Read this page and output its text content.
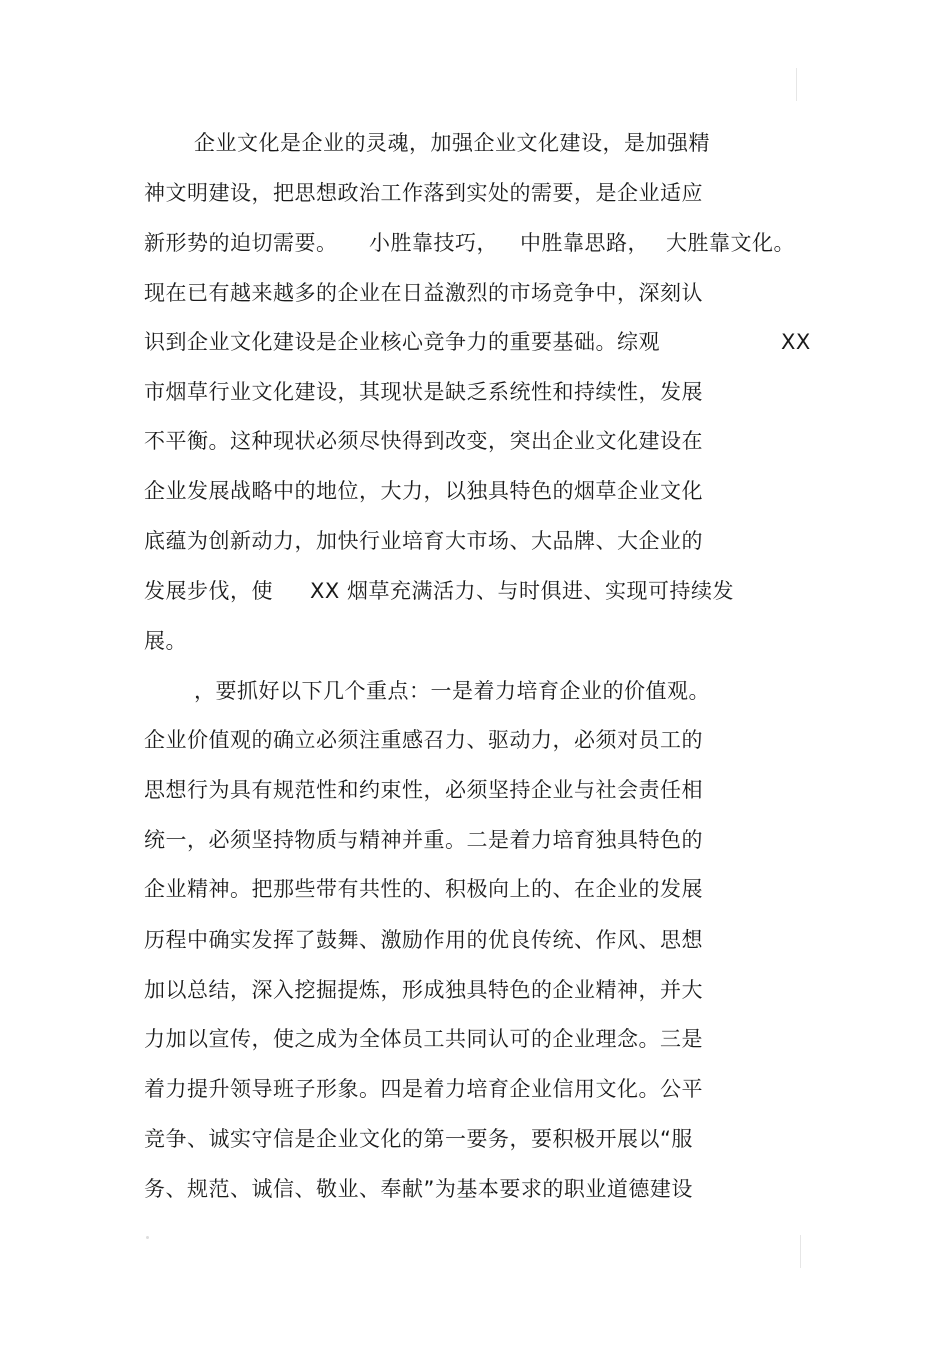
企业文化是企业的灵魂，加强企业文化建设，是加强精
神文明建设，把思想政治工作落到实处的需要，是企业适应
新形势的迫切需要。 小胜靠技巧， 中胜靠思路， 大胜靠文化。
现在已有越来越多的企业在日益激烈的市场竞争中，深刻认
识到企业文化建设是企业核心竞争力的重要基础。综观	XX
市烟草行业文化建设，其现状是缺乏系统性和持续性，发展
不平衡。这种现状必须尽快得到改变，突出企业文化建设在
企业发展战略中的地位，大力，以独具特色的烟草企业文化
底蕴为创新动力，加快行业培育大市场、大品牌、大企业的
发展步伐，使 XX 烟草充满活力、与时俱进、实现可持续发
展。
，要抓好以下几个重点：一是着力培育企业的价值观。
企业价值观的确立必须注重感召力、驱动力，必须对员工的
思想行为具有规范性和约束性，必须坚持企业与社会责任相
统一，必须坚持物质与精神并重。二是着力培育独具特色的
企业精神。把那些带有共性的、积极向上的、在企业的发展
历程中确实发挥了鼓舞、激励作用的优良传统、作风、思想
加以总结，深入挖掘提炼，形成独具特色的企业精神，并大
力加以宣传，使之成为全体员工共同认可的企业理念。三是
着力提升领导班子形象。四是着力培育企业信用文化。公平
竞争、诚实守信是企业文化的第一要务，要积极开展以“服
务、规范、诚信、敬业、奉献”为基本要求的职业道德建设
